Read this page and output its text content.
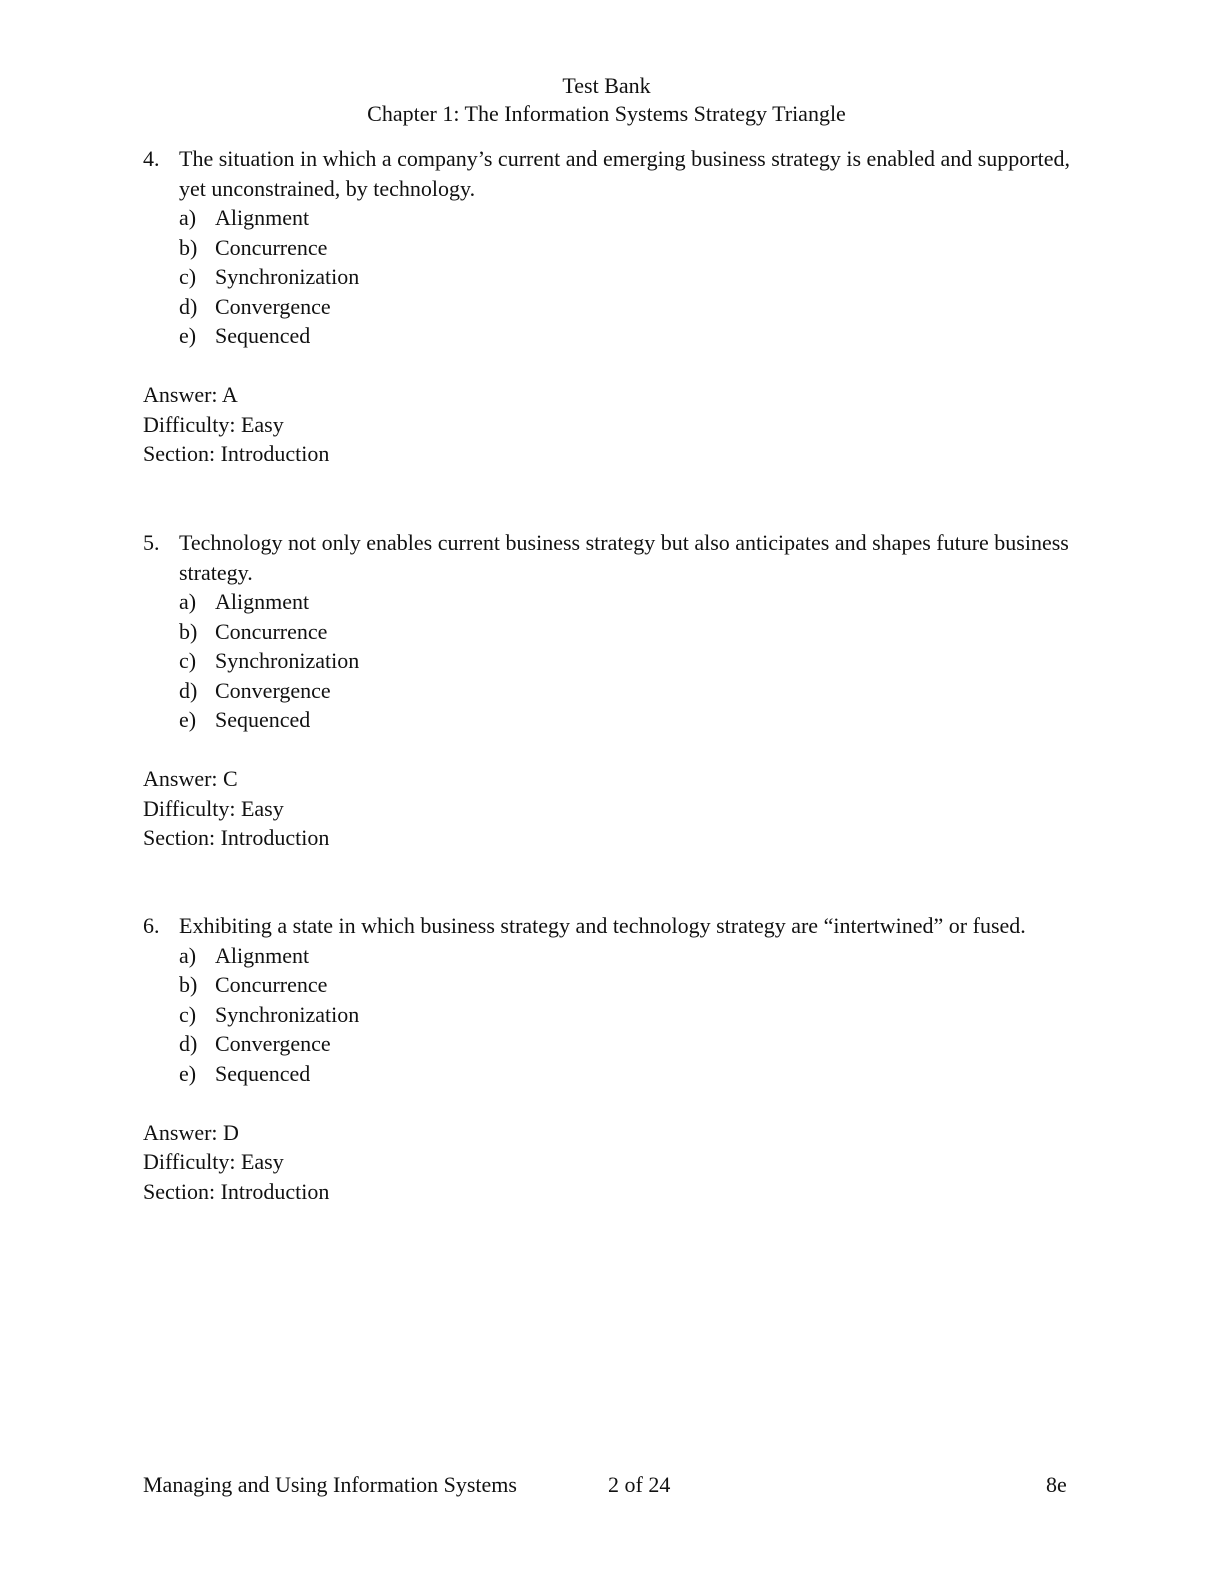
Test Bank
Chapter 1: The Information Systems Strategy Triangle
4. The situation in which a company’s current and emerging business strategy is enabled and supported, yet unconstrained, by technology.
a) Alignment
b) Concurrence
c) Synchronization
d) Convergence
e) Sequenced
Answer: A
Difficulty: Easy
Section: Introduction
5. Technology not only enables current business strategy but also anticipates and shapes future business strategy.
a) Alignment
b) Concurrence
c) Synchronization
d) Convergence
e) Sequenced
Answer: C
Difficulty: Easy
Section: Introduction
6. Exhibiting a state in which business strategy and technology strategy are “intertwined” or fused.
a) Alignment
b) Concurrence
c) Synchronization
d) Convergence
e) Sequenced
Answer: D
Difficulty: Easy
Section: Introduction
Managing and Using Information Systems	2 of 24	8e
